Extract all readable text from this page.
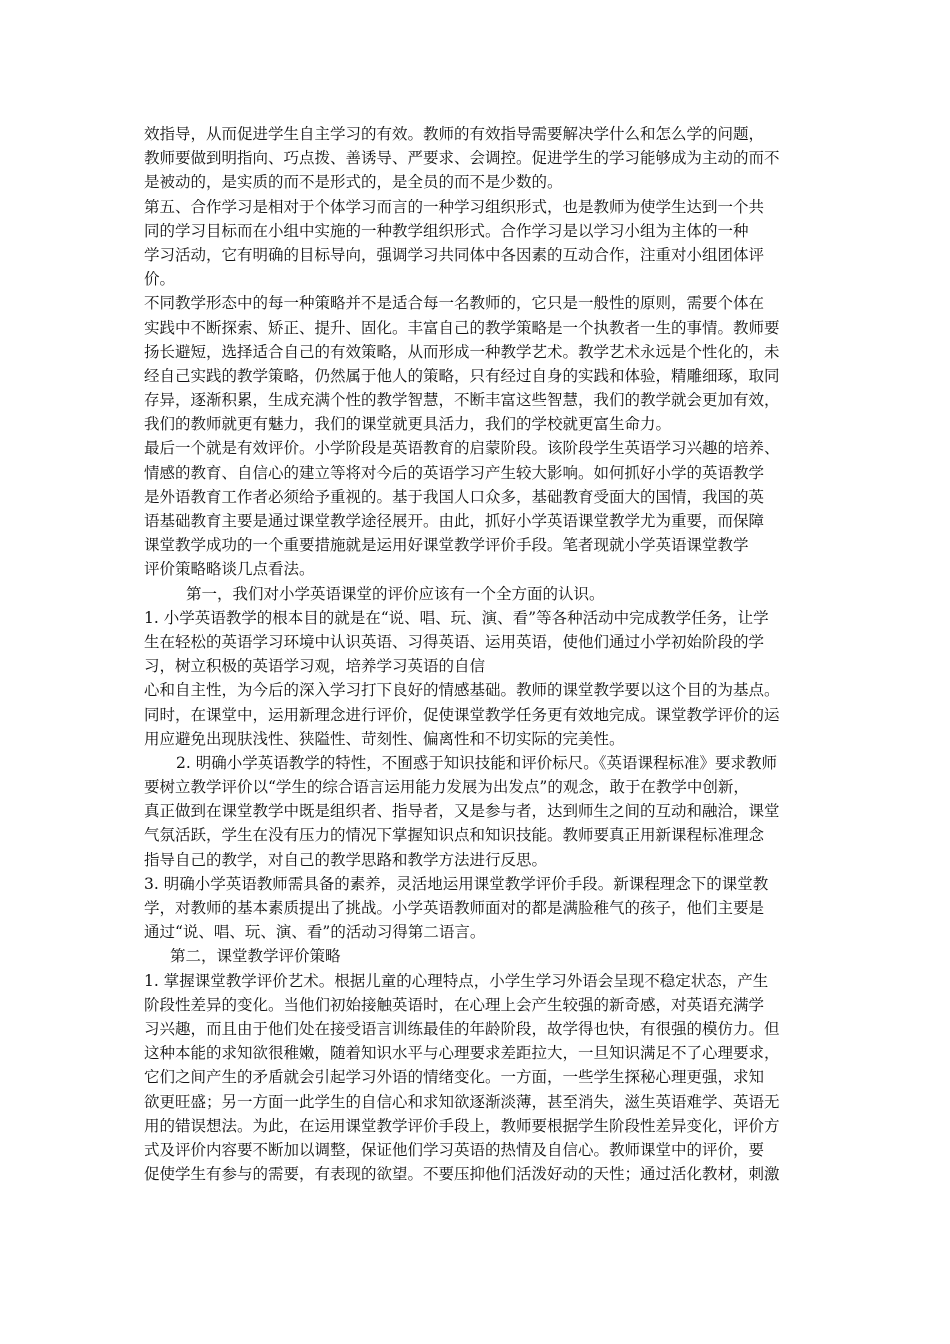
效指导，从而促进学生自主学习的有效。教师的有效指导需要解决学什么和怎么学的问题，
教师要做到明指向、巧点拨、善诱导、严要求、会调控。促进学生的学习能够成为主动的而不
是被动的，是实质的而不是形式的，是全员的而不是少数的。
第五、合作学习是相对于个体学习而言的一种学习组织形式，也是教师为使学生达到一个共
同的学习目标而在小组中实施的一种教学组织形式。合作学习是以学习小组为主体的一种
学习活动，它有明确的目标导向，强调学习共同体中各因素的互动合作，注重对小组团体评
价。
不同教学形态中的每一种策略并不是适合每一名教师的，它只是一般性的原则，需要个体在
实践中不断探索、矫正、提升、固化。丰富自己的教学策略是一个执教者一生的事情。教师要
扬长避短，选择适合自己的有效策略，从而形成一种教学艺术。教学艺术永远是个性化的，未
经自己实践的教学策略，仍然属于他人的策略，只有经过自身的实践和体验，精雕细琢，取同
存异，逐渐积累，生成充满个性的教学智慧，不断丰富这些智慧，我们的教学就会更加有效，
我们的教师就更有魅力，我们的课堂就更具活力，我们的学校就更富生命力。
最后一个就是有效评价。小学阶段是英语教育的启蒙阶段。该阶段学生英语学习兴趣的培养、
情感的教育、自信心的建立等将对今后的英语学习产生较大影响。如何抓好小学的英语教学
是外语教育工作者必须给予重视的。基于我国人口众多，基础教育受面大的国情，我国的英
语基础教育主要是通过课堂教学途径展开。由此，抓好小学英语课堂教学尤为重要，而保障
课堂教学成功的一个重要措施就是运用好课堂教学评价手段。笔者现就小学英语课堂教学
评价策略略谈几点看法。
第一，我们对小学英语课堂的评价应该有一个全方面的认识。
1. 小学英语教学的根本目的就是在“说、唱、玩、演、看”等各种活动中完成教学任务，让学
生在轻松的英语学习环境中认识英语、习得英语、运用英语，使他们通过小学初始阶段的学
习，树立积极的英语学习观，培养学习英语的自信
心和自主性，为今后的深入学习打下良好的情感基础。教师的课堂教学要以这个目的为基点。
同时，在课堂中，运用新理念进行评价，促使课堂教学任务更有效地完成。课堂教学评价的运
用应避免出现肤浅性、狭隘性、苛刻性、偏离性和不切实际的完美性。
2. 明确小学英语教学的特性，不囿惑于知识技能和评价标尺。《英语课程标准》要求教师
要树立教学评价以“学生的综合语言运用能力发展为出发点”的观念，敢于在教学中创新，
真正做到在课堂教学中既是组织者、指导者，又是参与者，达到师生之间的互动和融洽，课堂
气氛活跃，学生在没有压力的情况下掌握知识点和知识技能。教师要真正用新课程标准理念
指导自己的教学，对自己的教学思路和教学方法进行反思。
3. 明确小学英语教师需具备的素养，灵活地运用课堂教学评价手段。新课程理念下的课堂教
学，对教师的基本素质提出了挑战。小学英语教师面对的都是满脸稚气的孩子，他们主要是
通过“说、唱、玩、演、看”的活动习得第二语言。
第二，课堂教学评价策略
1. 掌握课堂教学评价艺术。根据儿童的心理特点，小学生学习外语会呈现不稳定状态，产生
阶段性差异的变化。当他们初始接触英语时，在心理上会产生较强的新奇感，对英语充满学
习兴趣，而且由于他们处在接受语言训练最佳的年龄阶段，故学得也快，有很强的模仿力。但
这种本能的求知欲很稚嫩，随着知识水平与心理要求差距拉大，一旦知识满足不了心理要求，
它们之间产生的矛盾就会引起学习外语的情绪变化。一方面，一些学生探秘心理更强，求知
欲更旺盛；另一方面一此学生的自信心和求知欲逐渐淡薄，甚至消失，滋生英语难学、英语无
用的错误想法。为此，在运用课堂教学评价手段上，教师要根据学生阶段性差异变化，评价方
式及评价内容要不断加以调整，保证他们学习英语的热情及自信心。教师课堂中的评价，要
促使学生有参与的需要，有表现的欲望。不要压抑他们活泼好动的天性；通过活化教材，刺激
